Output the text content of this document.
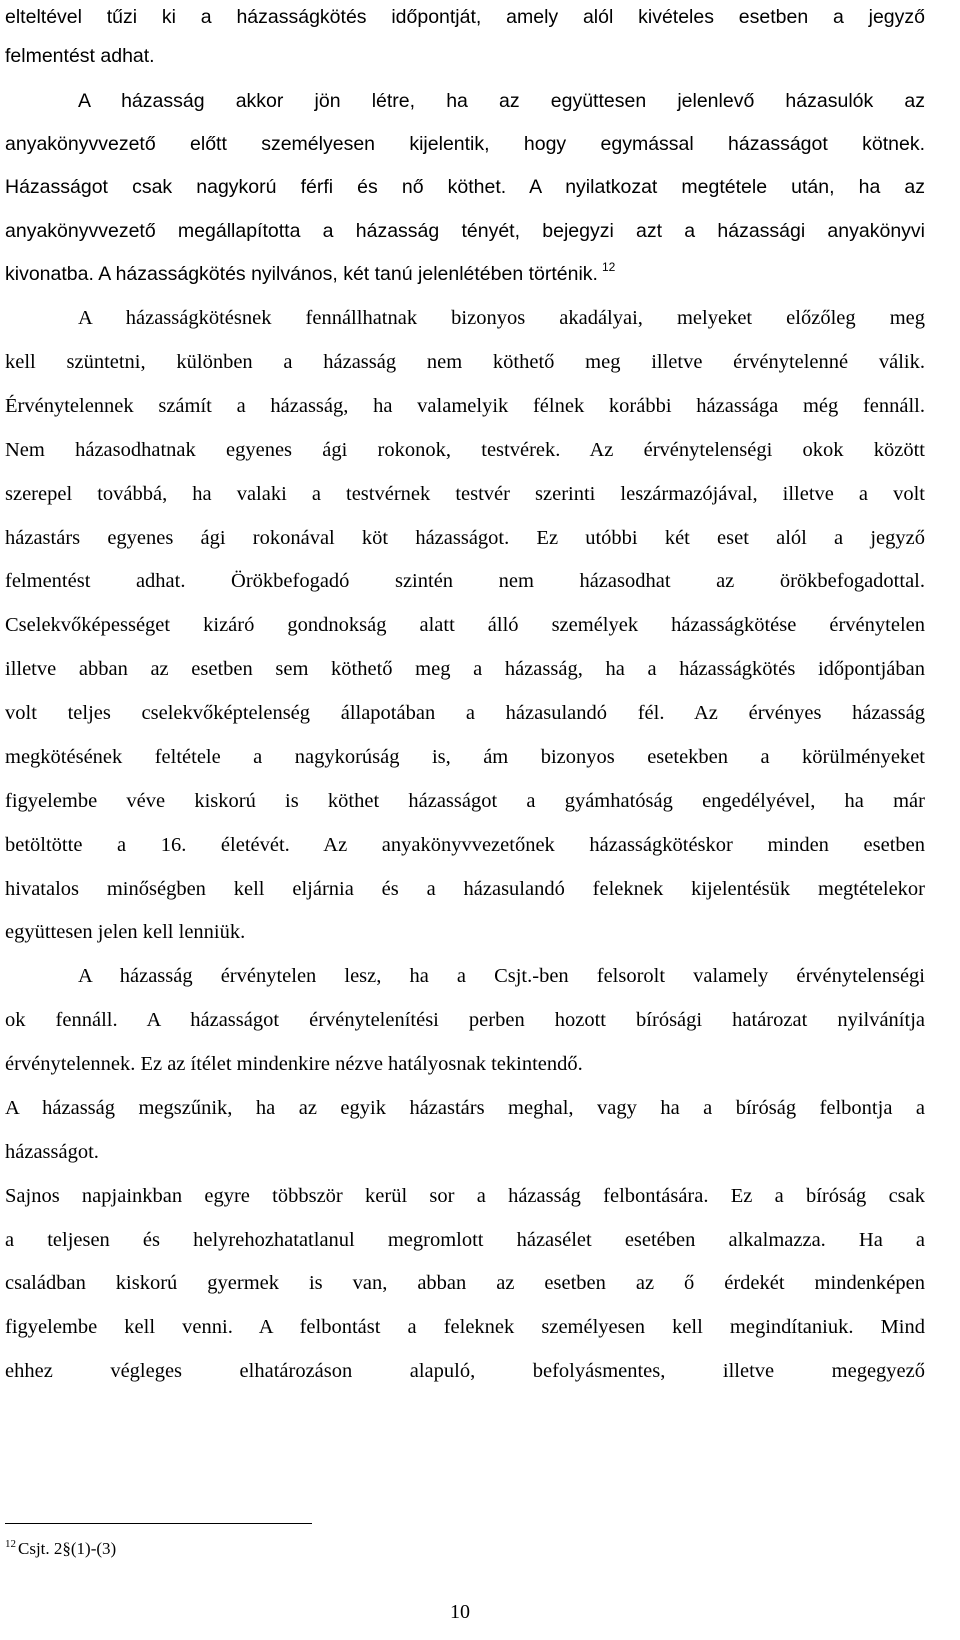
elteltével tűzi ki a házasságkötés időpontját, amely alól kivételes esetben a jegyző
felmentést adhat.
A házasság akkor jön létre, ha az együttesen jelenlevő házasulók az
anyakönyvvezető előtt személyesen kijelentik, hogy egymással házasságot kötnek.
Házasságot csak nagykorú férfi és nő köthet. A nyilatkozat megtétele után, ha az
anyakönyvvezető megállapította a házasság tényét, bejegyzi azt a házassági anyakönyvi
kivonatba. A házasságkötés nyilvános, két tanú jelenlétében történik. $^{12}$
A házasságkötésnek fennállhatnak bizonyos akadályai, melyeket előzőleg meg
kell szüntetni, különben a házasság nem köthető meg illetve érvénytelenné válik.
Érvénytelennek számít a házasság, ha valamelyik félnek korábbi házassága még fennáll.
Nem házasodhatnak egyenes ági rokonok, testvérek. Az érvénytelenségi okok között
szerepel továbbá, ha valaki a testvérnek testvér szerinti leszármazójával, illetve a volt
házastárs egyenes ági rokonával köt házasságot. Ez utóbbi két eset alól a jegyző
felmentést adhat. Örökbefogadó szintén nem házasodhat az örökbefogadottal.
Cselekvőképességet kizáró gondnokság alatt álló személyek házasságkötése érvénytelen
illetve abban az esetben sem köthető meg a házasság, ha a házasságkötés időpontjában
volt teljes cselekvőképtelenség állapotában a házasulandó fél. Az érvényes házasság
megkötésének feltétele a nagykorúság is, ám bizonyos esetekben a körülményeket
figyelembe véve kiskorú is köthet házasságot a gyámhatóság engedélyével, ha már
betöltötte a 16. életévét. Az anyakönyvvezetőnek házasságkötéskor minden esetben
hivatalos minőségben kell eljárnia és a házasulandó feleknek kijelentésük megtételekor
együttesen jelen kell lenniük.
A házasság érvénytelen lesz, ha a Csjt.-ben felsorolt valamely érvénytelenségi
ok fennáll. A házasságot érvénytelenítési perben hozott bírósági határozat nyilvánítja
érvénytelennek. Ez az ítélet mindenkire nézve hatályosnak tekintendő.
A házasság megszűnik, ha az egyik házastárs meghal, vagy ha a bíróság felbontja a
házasságot.
Sajnos napjainkban egyre többször kerül sor a házasság felbontására. Ez a bíróság csak
a teljesen és helyrehozhatatlanul megromlott házasélet esetében alkalmazza. Ha a
családban kiskorú gyermek is van, abban az esetben az ő érdekét mindenképen
figyelembe kell venni. A felbontást a feleknek személyesen kell megindítaniuk. Mind
ehhez végleges elhatározáson alapuló, befolyásmentes, illetve megegyező
$^{12}$ Csjt. 2§(1)-(3)
10
